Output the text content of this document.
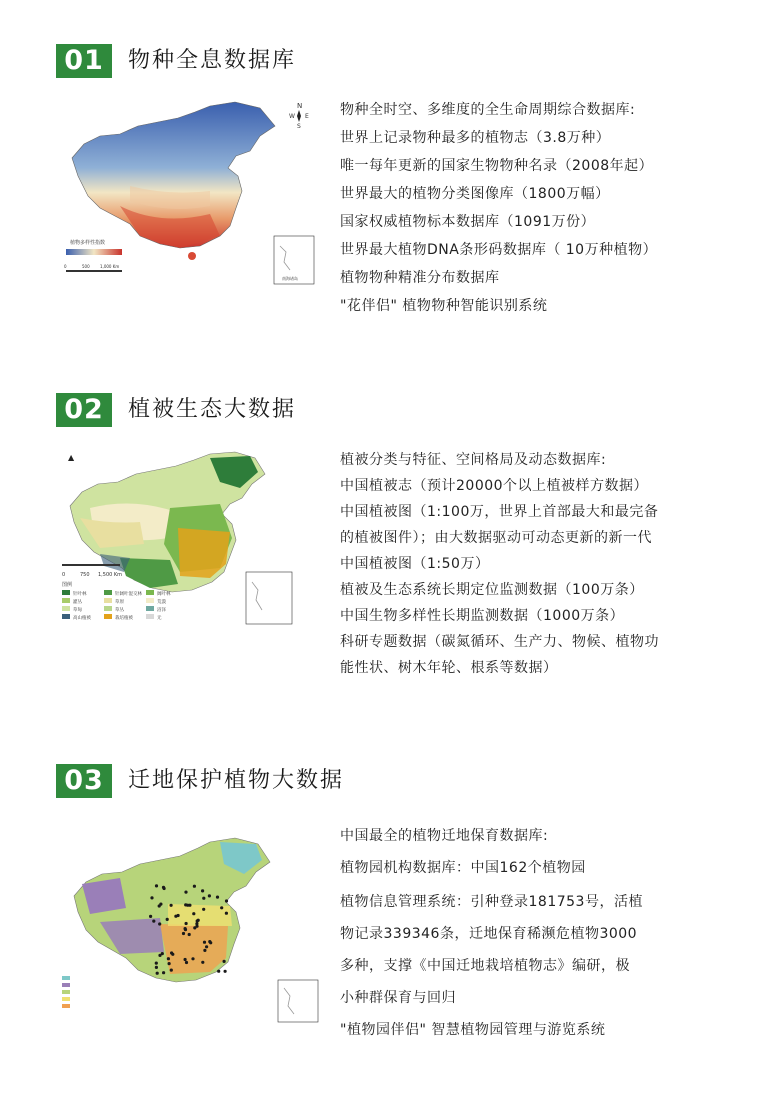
01	物种全息数据库
N
W E
S
植物多样性指数
0	500	1,000 Km
南海诸岛
物种全时空、多维度的全生命周期综合数据库:
世界上记录物种最多的植物志（3.8万种）
唯一每年更新的国家生物物种名录（2008年起）
世界最大的植物分类图像库（1800万幅）
国家权威植物标本数据库（1091万份）
世界最大植物DNA条形码数据库（ 10万种植物）
植物物种精准分布数据库
"花伴侣" 植物物种智能识别系统
02	植被生态大数据
▲
0	750 1,500 Km
图例
针叶林	针阔叶混交林	阔叶林
灌丛	草原	荒漠
草甸	草丛	沼泽
高山植被	栽培植被	无
植被分类与特征、空间格局及动态数据库:
中国植被志（预计20000个以上植被样方数据）
中国植被图（1:100万，世界上首部最大和最完备
的植被图件）；由大数据驱动可动态更新的新一代
中国植被图（1:50万）
植被及生态系统长期定位监测数据（100万条）
中国生物多样性长期监测数据（1000万条）
科研专题数据（碳氮循环、生产力、物候、植物功
能性状、树木年轮、根系等数据）
03	迁地保护植物大数据
中国最全的植物迁地保育数据库:
植物园机构数据库：中国162个植物园
植物信息管理系统：引种登录181753号，活植
物记录339346条，迁地保育稀濒危植物3000
多种，支撑《中国迁地栽培植物志》编研，极
小种群保育与回归
"植物园伴侣" 智慧植物园管理与游览系统
